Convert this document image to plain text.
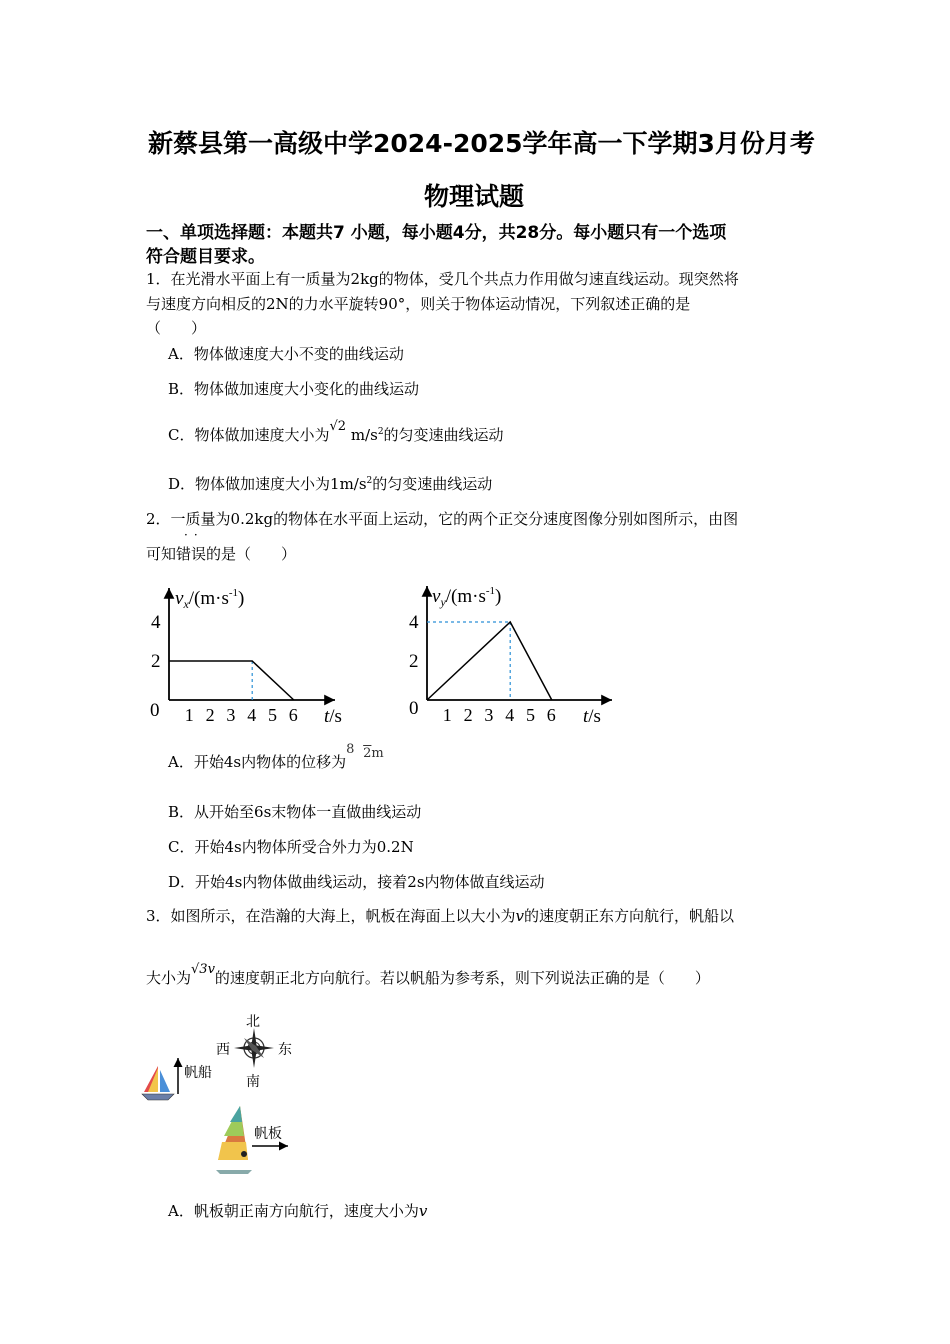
新蔡县第一高级中学2024-2025学年高一下学期3月份月考
物理试题
一、单项选择题：本题共7 小题，每小题4分，共28分。每小题只有一个选项
符合题目要求。
1．在光滑水平面上有一质量为2kg的物体，受几个共点力作用做匀速直线运动。现突然将
与速度方向相反的2N的力水平旋转90°，则关于物体运动情况，下列叙述正确的是
（　　）
A．物体做速度大小不变的曲线运动
B．物体做加速度大小变化的曲线运动
C．物体做加速度大小为√2 $m/s^2$的匀变速曲线运动
D．物体做加速度大小为$1m/s^2$的匀变速曲线运动
2．一质量为0.2kg的物体在水平面上运动，它的两个正交分速度图像分别如图所示，由图
··
可知错误的是（　　）
$v_x/(m\cdot s^{-1})$
0	t/s
1 2 3 4 5 6
2
4
$v_y/(m\cdot s^{-1})$
0	t/s
1 2 3 4 5 6
2
4
A．开始4s内物体的位移为8 2m
B．从开始至6s末物体一直做曲线运动
C．开始4s内物体所受合外力为0.2N
D．开始4s内物体做曲线运动，接着2s内物体做直线运动
3．如图所示，在浩瀚的大海上，帆板在海面上以大小为v的速度朝正东方向航行，帆船以
大小为√3v的速度朝正北方向航行。若以帆船为参考系，则下列说法正确的是（　　）
北
南
西	东
帆船
帆板
A．帆板朝正南方向航行，速度大小为v
